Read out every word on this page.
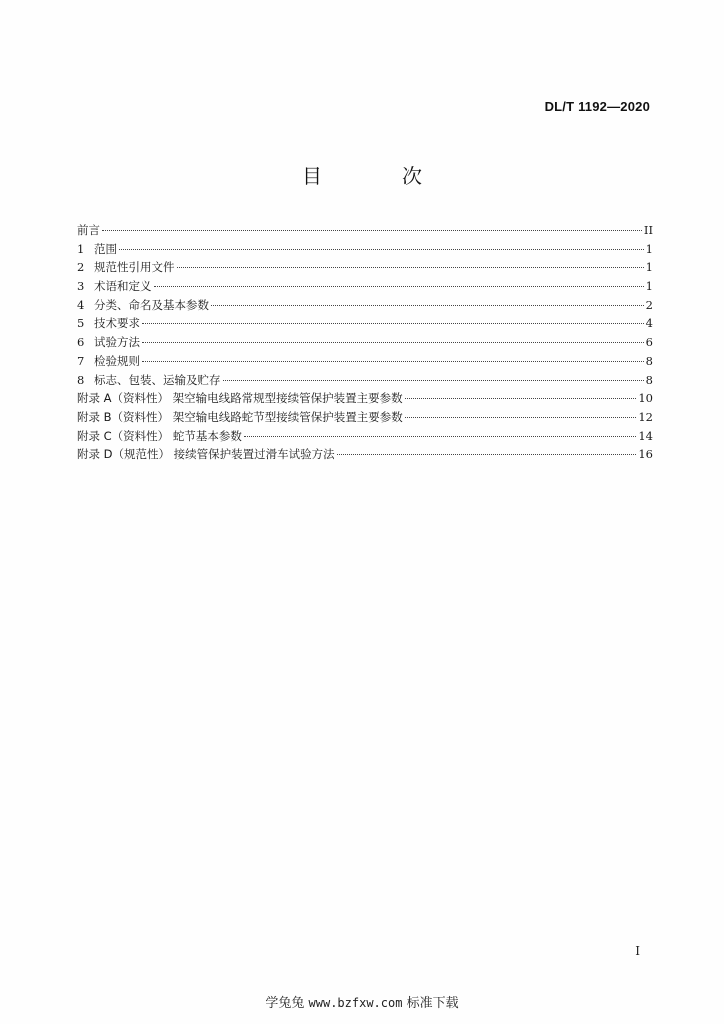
DL/T 1192—2020
目　次
前言	II
1 范围	1
2 规范性引用文件	1
3 术语和定义	1
4 分类、命名及基本参数	2
5 技术要求	4
6 试验方法	6
7 检验规则	8
8 标志、包装、运输及贮存	8
附录 A（资料性） 架空输电线路常规型接续管保护装置主要参数	10
附录 B（资料性） 架空输电线路蛇节型接续管保护装置主要参数	12
附录 C（资料性） 蛇节基本参数	14
附录 D（规范性） 接续管保护装置过滑车试验方法	16
I
学兔兔 www.bzfxw.com 标准下载
